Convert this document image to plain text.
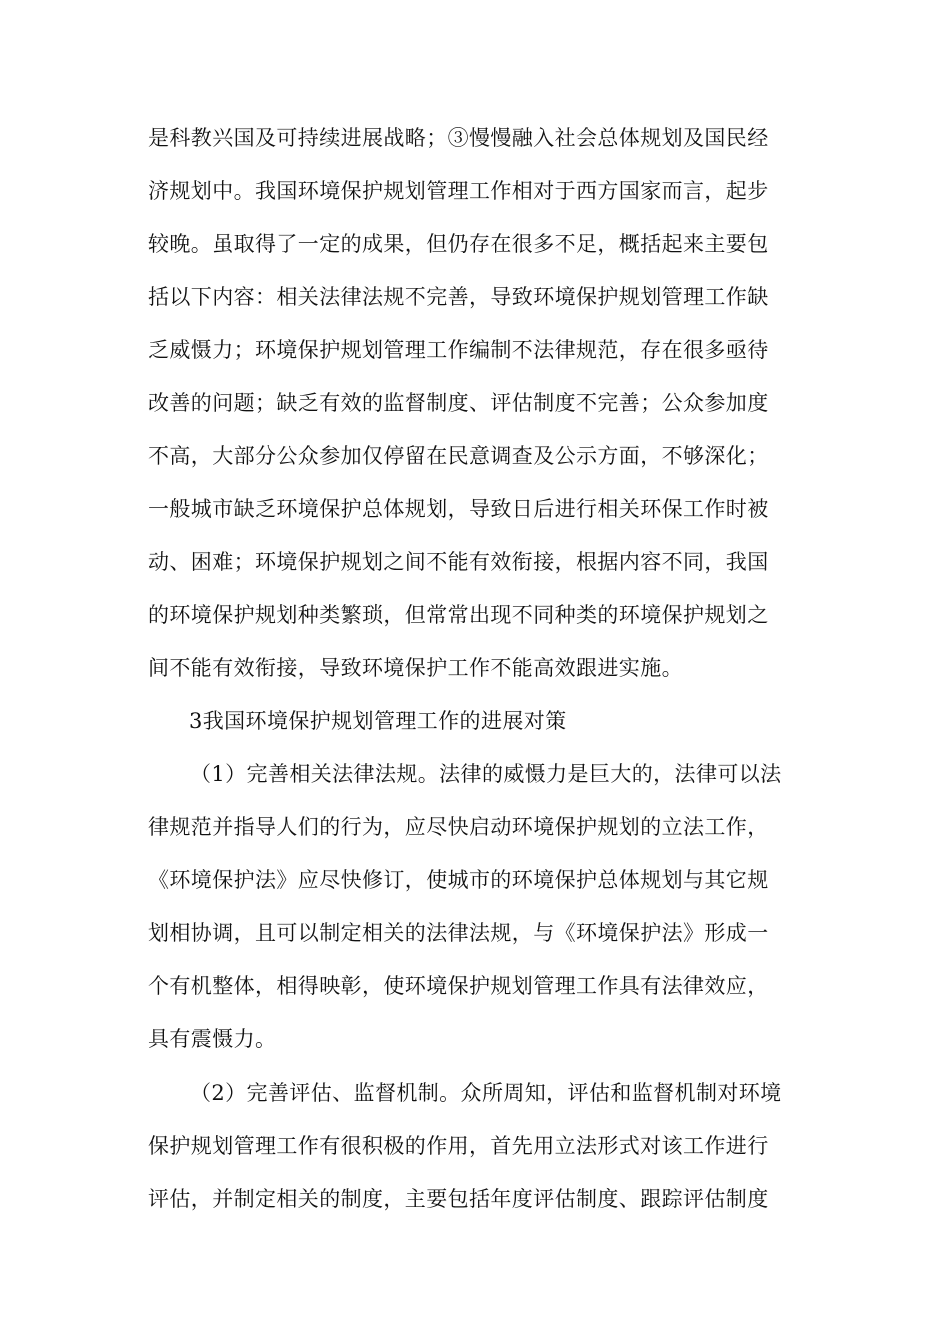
是科教兴国及可持续进展战略；③慢慢融入社会总体规划及国民经
济规划中。我国环境保护规划管理工作相对于西方国家而言，起步
较晚。虽取得了一定的成果，但仍存在很多不足，概括起来主要包
括以下内容：相关法律法规不完善，导致环境保护规划管理工作缺
乏威慑力；环境保护规划管理工作编制不法律规范，存在很多亟待
改善的问题；缺乏有效的监督制度、评估制度不完善；公众参加度
不高，大部分公众参加仅停留在民意调查及公示方面，不够深化；
一般城市缺乏环境保护总体规划，导致日后进行相关环保工作时被
动、困难；环境保护规划之间不能有效衔接，根据内容不同，我国
的环境保护规划种类繁琐，但常常出现不同种类的环境保护规划之
间不能有效衔接，导致环境保护工作不能高效跟进实施。
3我国环境保护规划管理工作的进展对策
（1）完善相关法律法规。法律的威慑力是巨大的，法律可以法
律规范并指导人们的行为，应尽快启动环境保护规划的立法工作，
《环境保护法》应尽快修订，使城市的环境保护总体规划与其它规
划相协调，且可以制定相关的法律法规，与《环境保护法》形成一
个有机整体，相得映彰，使环境保护规划管理工作具有法律效应，
具有震慑力。
（2）完善评估、监督机制。众所周知，评估和监督机制对环境
保护规划管理工作有很积极的作用，首先用立法形式对该工作进行
评估，并制定相关的制度，主要包括年度评估制度、跟踪评估制度
